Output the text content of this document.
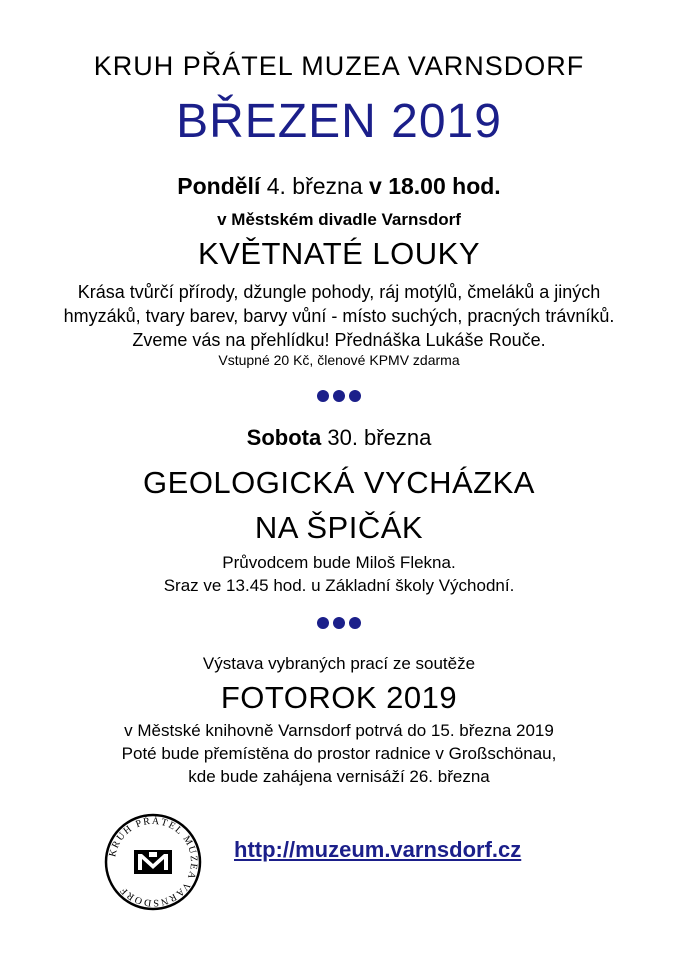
KRUH PŘÁTEL MUZEA VARNSDORF
BŘEZEN 2019
Pondělí 4. března v 18.00 hod.
v Městském divadle Varnsdorf
KVĚTNATÉ LOUKY
Krása tvůrčí přírody, džungle pohody, ráj motýlů, čmeláků a jiných
hmyzáků, tvary barev, barvy vůní - místo suchých, pracných trávníků.
Zveme vás na přehlídku! Přednáška Lukáše Rouče.
Vstupné 20 Kč, členové KPMV zdarma
Sobota 30. března
GEOLOGICKÁ VYCHÁZKA
NA ŠPIČÁK
Průvodcem bude Miloš Flekna.
Sraz ve 13.45 hod. u Základní školy Východní.
Výstava vybraných prací ze soutěže
FOTOROK 2019
v Městské knihovně Varnsdorf potrvá do 15. března 2019
Poté bude přemístěna do prostor radnice v Großschönau,
kde bude zahájena vernisáží 26. března
KRUH PŘÁTEL MUZEA VARNSDORF
http://muzeum.varnsdorf.cz
